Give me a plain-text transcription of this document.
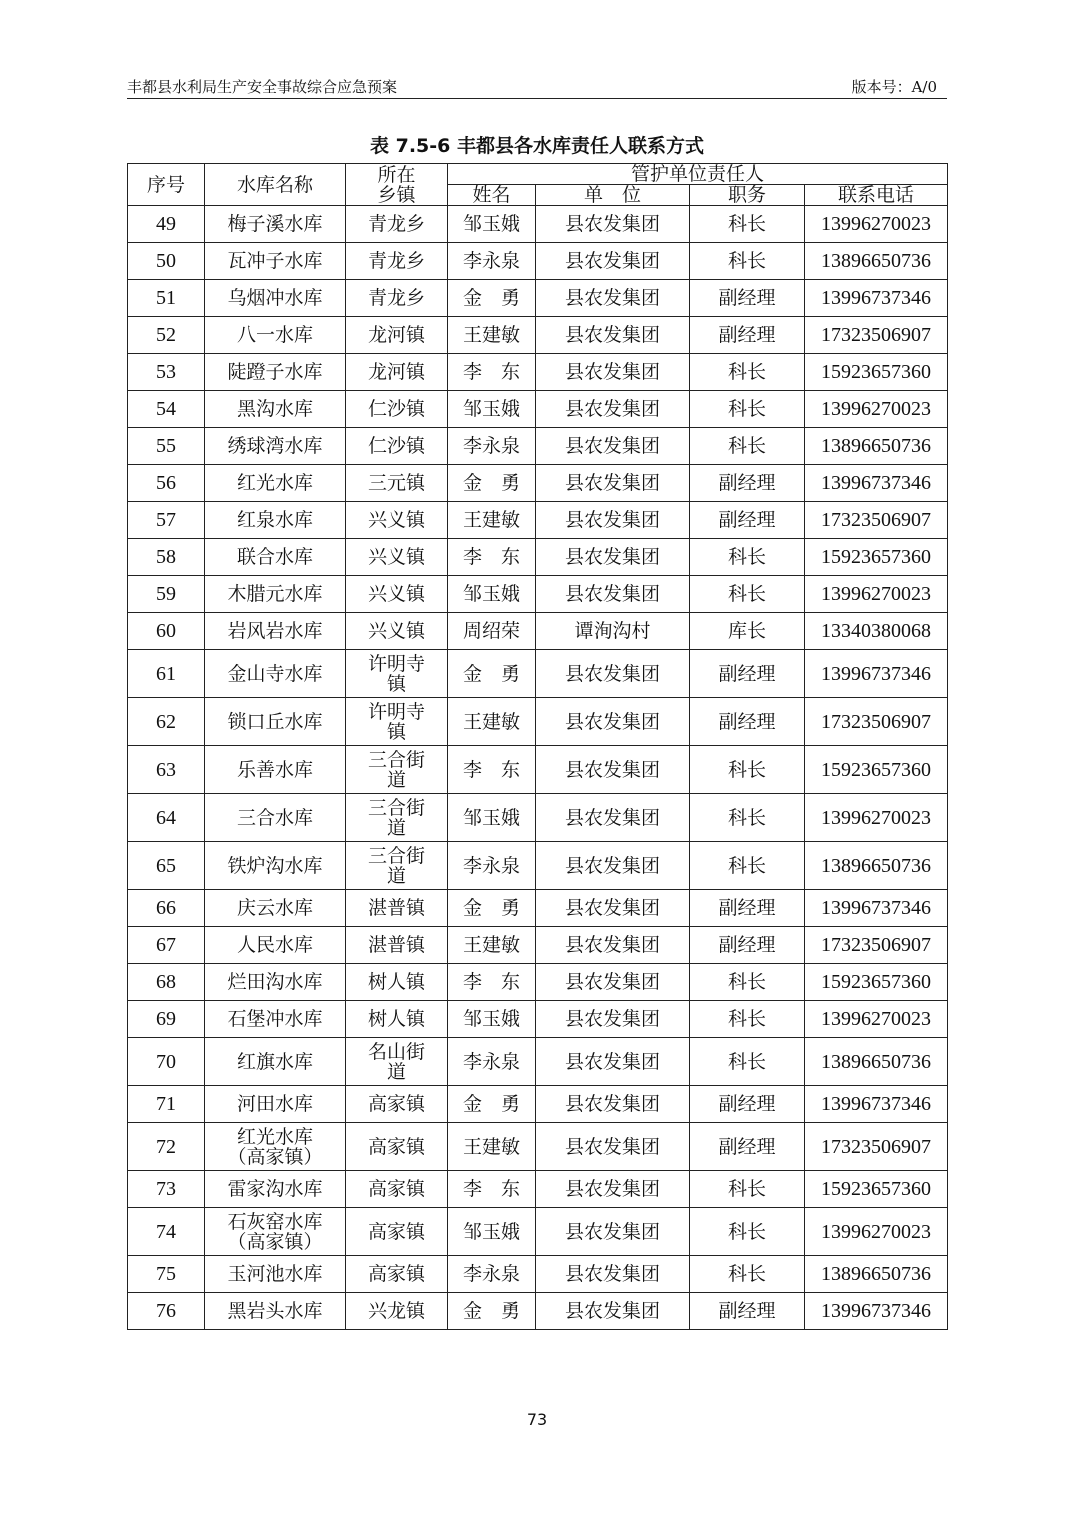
丰都县水利局生产安全事故综合应急预案	版本号：A/0
表 7.5-6 丰都县各水库责任人联系方式
序号	水库名称	所在乡镇	管护单位责任人			
			姓名	单　位	职务	联系电话
49	梅子溪水库	青龙乡	邹玉娥	县农发集团	科长	13996270023
50	瓦冲子水库	青龙乡	李永泉	县农发集团	科长	13896650736
51	乌烟冲水库	青龙乡	金　勇	县农发集团	副经理	13996737346
52	八一水库	龙河镇	王建敏	县农发集团	副经理	17323506907
53	陡蹬子水库	龙河镇	李　东	县农发集团	科长	15923657360
54	黑沟水库	仁沙镇	邹玉娥	县农发集团	科长	13996270023
55	绣球湾水库	仁沙镇	李永泉	县农发集团	科长	13896650736
56	红光水库	三元镇	金　勇	县农发集团	副经理	13996737346
57	红泉水库	兴义镇	王建敏	县农发集团	副经理	17323506907
58	联合水库	兴义镇	李　东	县农发集团	科长	15923657360
59	木腊元水库	兴义镇	邹玉娥	县农发集团	科长	13996270023
60	岩风岩水库	兴义镇	周绍荣	谭洵沟村	库长	13340380068
61	金山寺水库	许明寺镇	金　勇	县农发集团	副经理	13996737346
62	锁口丘水库	许明寺镇	王建敏	县农发集团	副经理	17323506907
63	乐善水库	三合街道	李　东	县农发集团	科长	15923657360
64	三合水库	三合街道	邹玉娥	县农发集团	科长	13996270023
65	铁炉沟水库	三合街道	李永泉	县农发集团	科长	13896650736
66	庆云水库	湛普镇	金　勇	县农发集团	副经理	13996737346
67	人民水库	湛普镇	王建敏	县农发集团	副经理	17323506907
68	烂田沟水库	树人镇	李　东	县农发集团	科长	15923657360
69	石堡冲水库	树人镇	邹玉娥	县农发集团	科长	13996270023
70	红旗水库	名山街道	李永泉	县农发集团	科长	13896650736
71	河田水库	高家镇	金　勇	县农发集团	副经理	13996737346
72	红光水库（高家镇）	高家镇	王建敏	县农发集团	副经理	17323506907
73	雷家沟水库	高家镇	李　东	县农发集团	科长	15923657360
74	石灰窑水库（高家镇）	高家镇	邹玉娥	县农发集团	科长	13996270023
75	玉河池水库	高家镇	李永泉	县农发集团	科长	13896650736
76	黑岩头水库	兴龙镇	金　勇	县农发集团	副经理	13996737346
73
